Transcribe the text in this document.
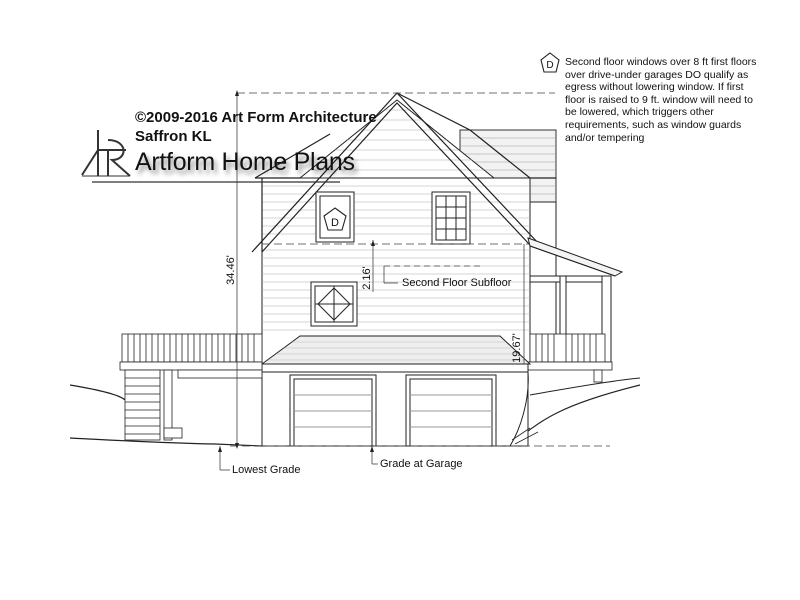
D
D
©2009-2016 Art Form Architecture
Saffron KL
Artform Home Plans
Second floor windows over 8 ft first floors over drive-under garages DO qualify as egress without lowering window. If first floor is raised to 9 ft. window will need to be lowered, which triggers other requirements, such as window guards and/or tempering
34.46'	2.16'
19.67'
Second Floor Subfloor
Lowest Grade	Grade at Garage
